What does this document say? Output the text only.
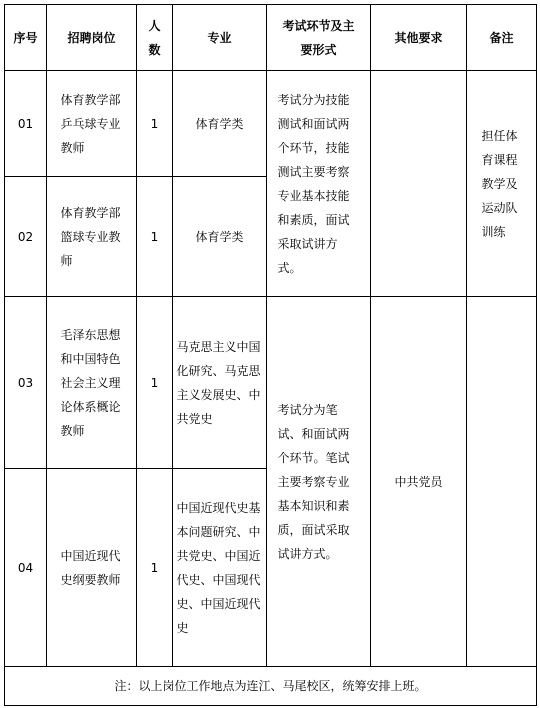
序号	招聘岗位	人数	专业	考试环节及主要形式	其他要求	备注
01	体育教学部乒乓球专业教师	1	体育学类	考试分为技能测试和面试两个环节，技能测试主要考察专业基本技能和素质，面试采取试讲方式。		担任体育课程教学及运动队训练
02	体育教学部篮球专业教师	1	体育学类			
03	毛泽东思想和中国特色社会主义理论体系概论教师	1	马克思主义中国化研究、马克思主义发展史、中共党史	考试分为笔试、和面试两个环节。笔试主要考察专业基本知识和素质，面试采取试讲方式。	中共党员	
04	中国近现代史纲要教师	1	中国近现代史基本问题研究、中共党史、中国近代史、中国现代史、中国近现代史			
注：以上岗位工作地点为连江、马尾校区，统筹安排上班。						
